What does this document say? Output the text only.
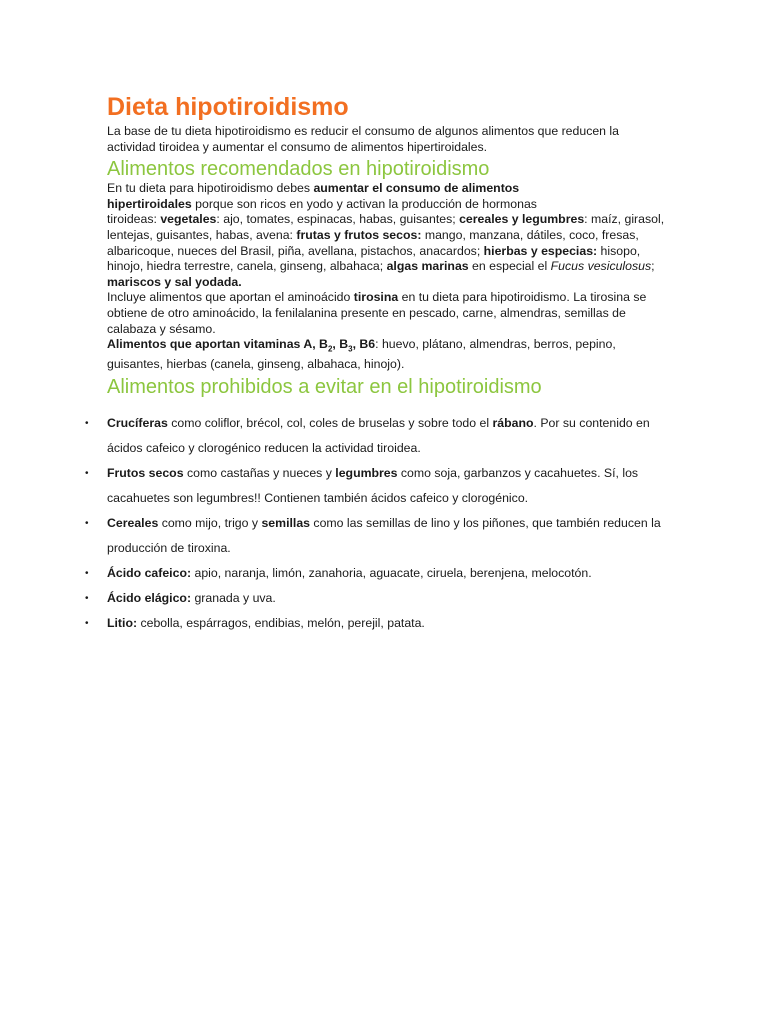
Dieta hipotiroidismo

La base de tu dieta hipotiroidismo es reducir el consumo de algunos alimentos que reducen la actividad tiroidea y aumentar el consumo de alimentos hipertiroidales.

Alimentos recomendados en hipotiroidismo

En tu dieta para hipotiroidismo debes aumentar el consumo de alimentos
hipertiroidales porque son ricos en yodo y activan la producción de hormonas
tiroideas: vegetales: ajo, tomates, espinacas, habas, guisantes; cereales y legumbres: maíz, girasol, lentejas, guisantes, habas, avena: frutas y frutos secos: mango, manzana, dátiles, coco, fresas, albaricoque, nueces del Brasil, piña, avellana, pistachos, anacardos; hierbas y especias: hisopo, hinojo, hiedra terrestre, canela, ginseng, albahaca; algas marinas en especial el Fucus vesiculosus; mariscos y sal yodada.

Incluye alimentos que aportan el aminoácido tirosina en tu dieta para hipotiroidismo. La tirosina se obtiene de otro aminoácido, la fenilalanina presente en pescado, carne, almendras, semillas de calabaza y sésamo.

Alimentos que aportan vitaminas A, $B_2$, $B_3$, B6: huevo, plátano, almendras, berros, pepino, guisantes, hierbas (canela, ginseng, albahaca, hinojo).

Alimentos prohibidos a evitar en el hipotiroidismo
• Crucíferas como coliflor, brécol, col, coles de bruselas y sobre todo el rábano. Por su contenido en ácidos cafeico y clorogénico reducen la actividad tiroidea.
• Frutos secos como castañas y nueces y legumbres como soja, garbanzos y cacahuetes. Sí, los cacahuetes son legumbres!! Contienen también ácidos cafeico y clorogénico.
• Cereales como mijo, trigo y semillas como las semillas de lino y los piñones, que también reducen la producción de tiroxina.
• Ácido cafeico: apio, naranja, limón, zanahoria, aguacate, ciruela, berenjena, melocotón.
• Ácido elágico: granada y uva.
• Litio: cebolla, espárragos, endibias, melón, perejil, patata.
